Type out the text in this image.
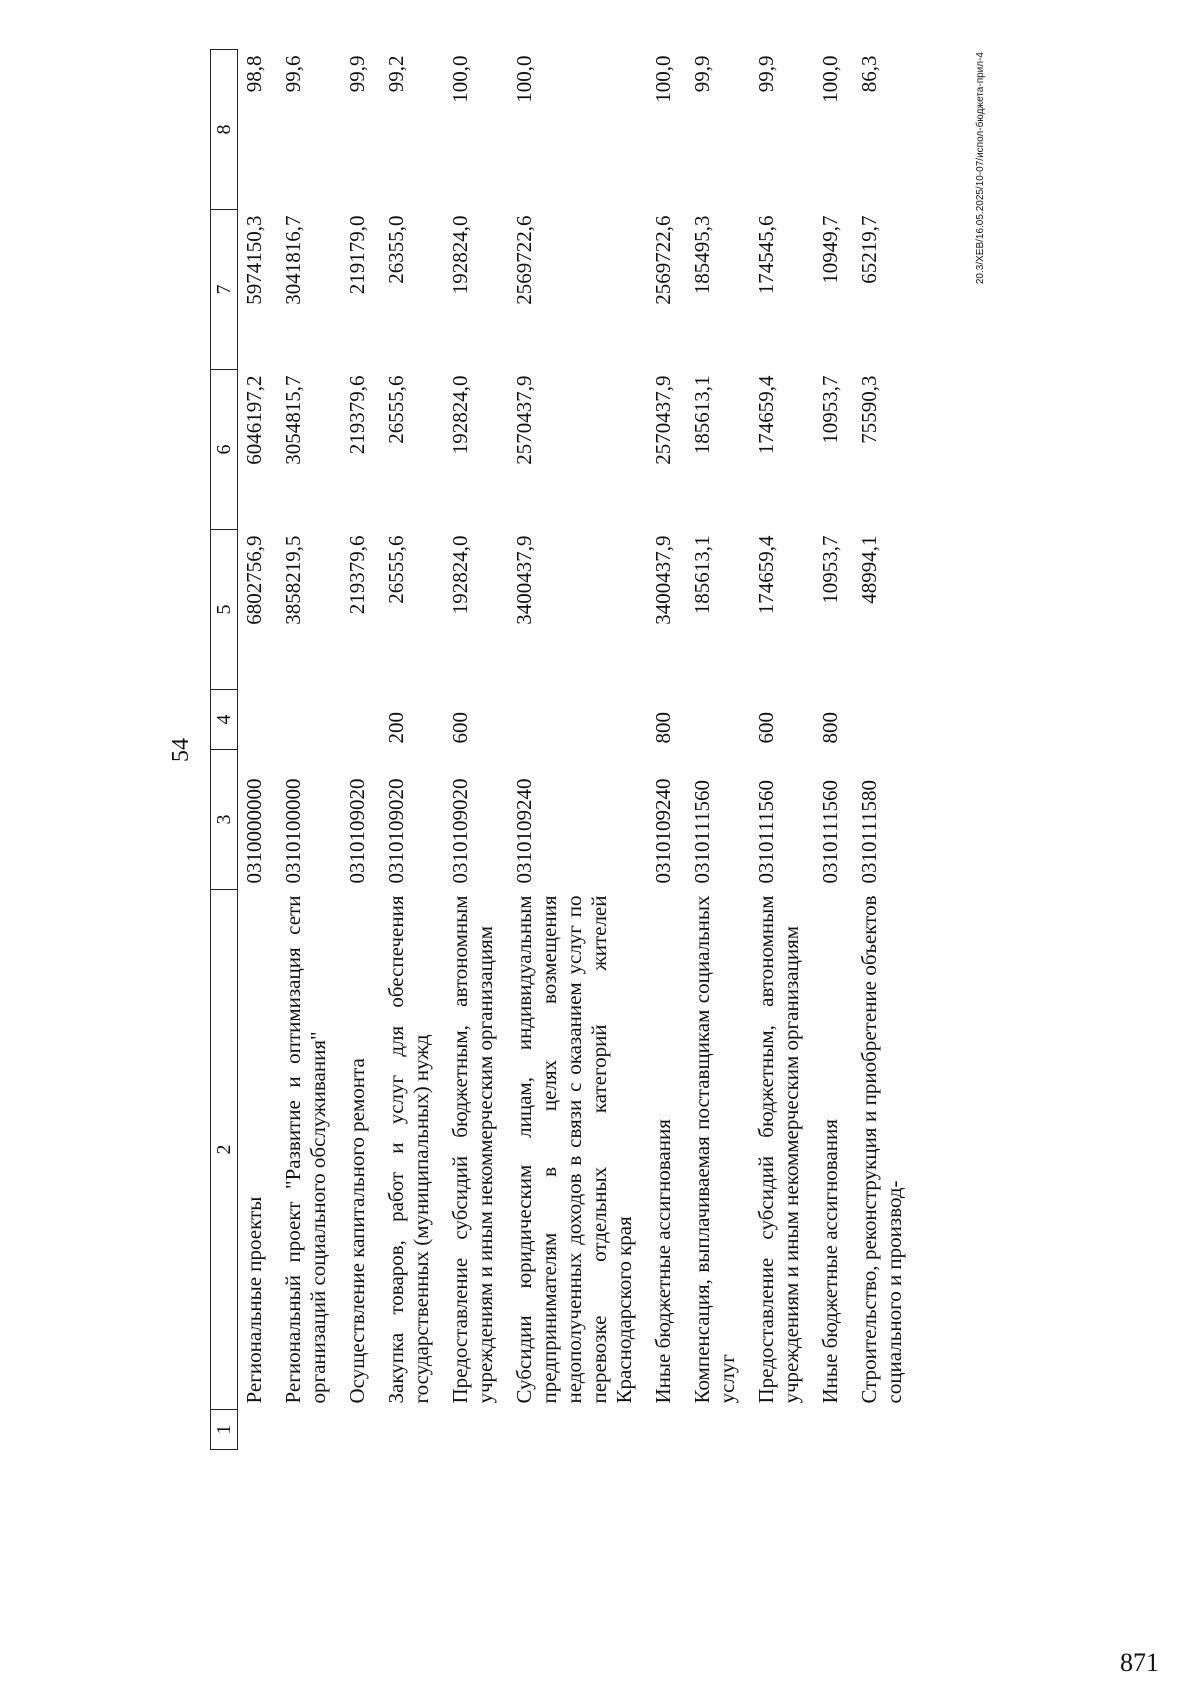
54
1	2	3	4	5	6	7	8
	Региональные проекты	0310000000		6802756,9	6046197,2	5974150,3	98,8
	Региональный проект "Развитие и оптимизация сети организаций социального обслуживания"	0310100000		3858219,5	3054815,7	3041816,7	99,6
	Осуществление капитального ремонта	0310109020		219379,6	219379,6	219179,0	99,9
	Закупка товаров, работ и услуг для обеспечения государственных (муниципальных) нужд	0310109020	200	26555,6	26555,6	26355,0	99,2
	Предоставление субсидий бюджетным, автономным учреждениям и иным некоммерческим организациям	0310109020	600	192824,0	192824,0	192824,0	100,0
	Субсидии юридическим лицам, индивидуальным предпринимателям в целях возмещения недополученных доходов в связи с оказанием услуг по перевозке отдельных категорий жителей Краснодарского края	0310109240		3400437,9	2570437,9	2569722,6	100,0
	Иные бюджетные ассигнования	0310109240	800	3400437,9	2570437,9	2569722,6	100,0
	Компенсация, выплачиваемая поставщикам социальных услуг	0310111560		185613,1	185613,1	185495,3	99,9
	Предоставление субсидий бюджетным, автономным учреждениям и иным некоммерческим организациям	0310111560	600	174659,4	174659,4	174545,6	99,9
	Иные бюджетные ассигнования	0310111560	800	10953,7	10953,7	10949,7	100,0
	Строительство, реконструкция и приобретение объектов социального и производ-	0310111580		48994,1	75590,3	65219,7	86,3	20.3/ХЕВ/16.05.2025/10-07/испол-бюджета-прил-4
871
